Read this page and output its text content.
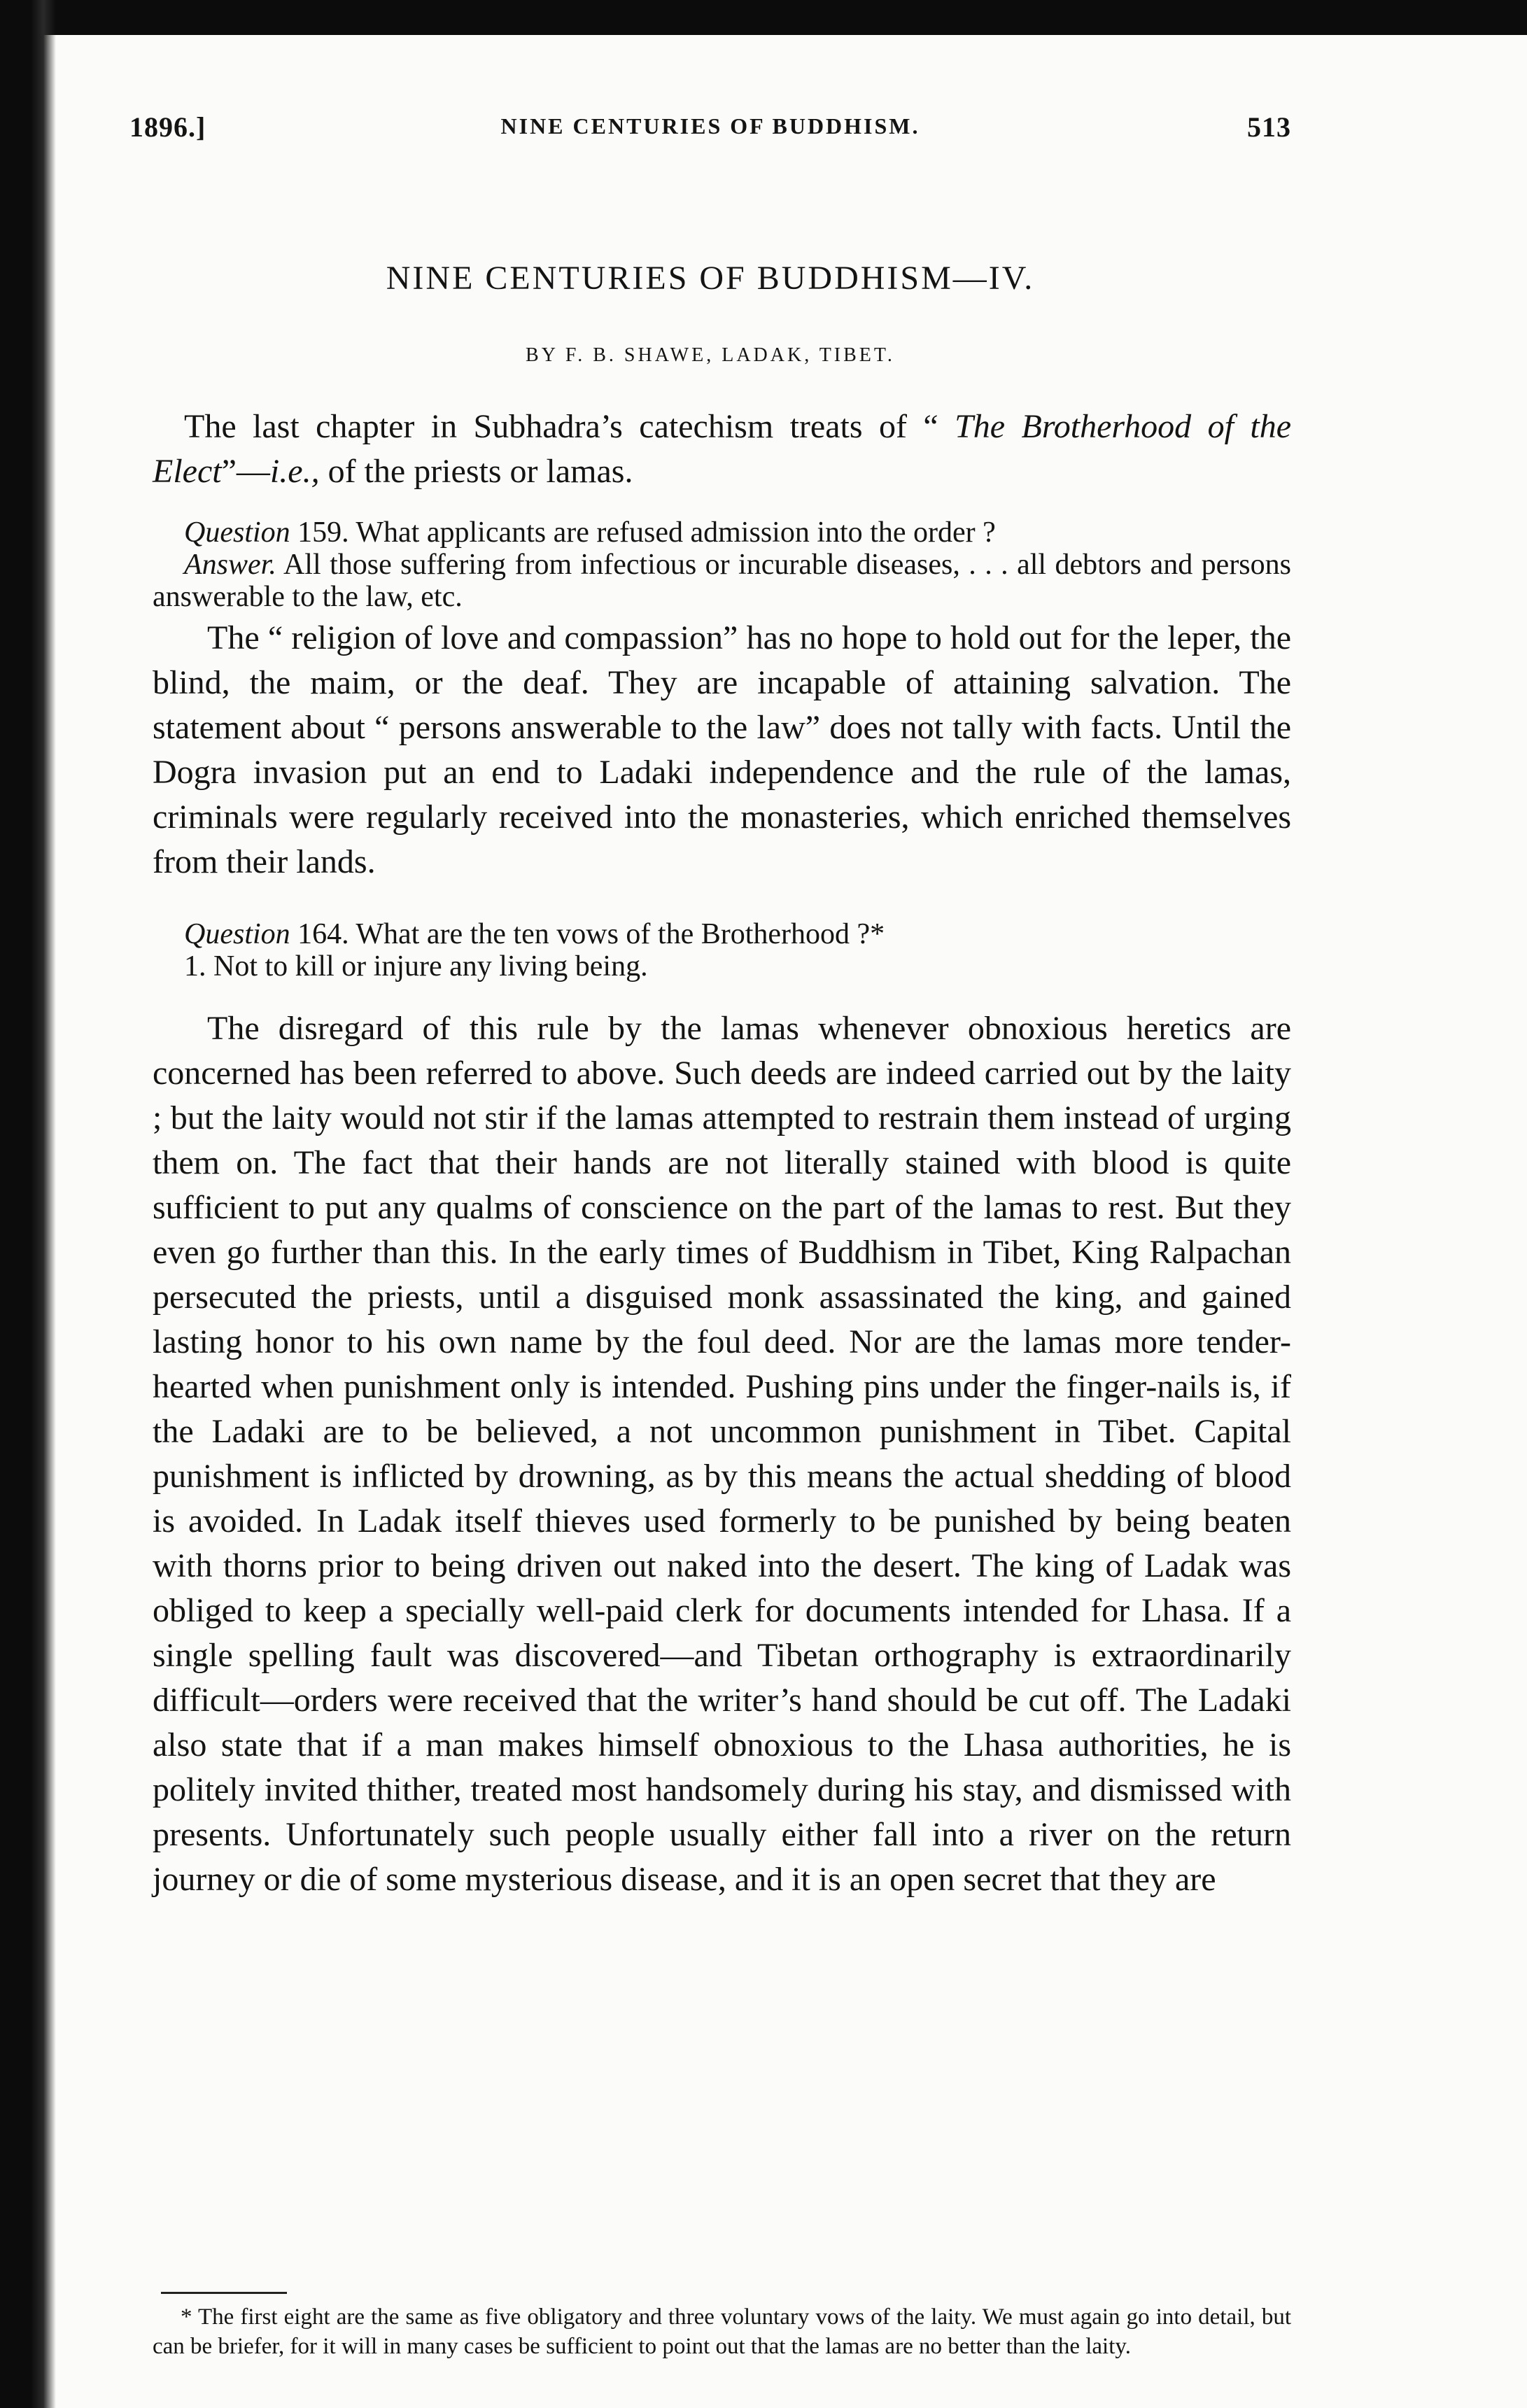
1896.]	NINE CENTURIES OF BUDDHISM.	513
NINE CENTURIES OF BUDDHISM—IV.
BY F. B. SHAWE, LADAK, TIBET.

The last chapter in Subhadra’s catechism treats of “ The Brotherhood of the Elect”—i.e., of the priests or lamas.

Question 159. What applicants are refused admission into the order ?
Answer. All those suffering from infectious or incurable diseases, . . . all debtors and persons answerable to the law, etc.

The “ religion of love and compassion” has no hope to hold out for the leper, the blind, the maim, or the deaf. They are incapable of attaining salvation. The statement about “ persons answerable to the law” does not tally with facts. Until the Dogra invasion put an end to Ladaki independence and the rule of the lamas, criminals were regularly received into the monasteries, which enriched themselves from their lands.

Question 164. What are the ten vows of the Brotherhood ?*
1. Not to kill or injure any living being.

The disregard of this rule by the lamas whenever obnoxious heretics are concerned has been referred to above. Such deeds are indeed carried out by the laity ; but the laity would not stir if the lamas attempted to restrain them instead of urging them on. The fact that their hands are not literally stained with blood is quite sufficient to put any qualms of conscience on the part of the lamas to rest. But they even go further than this. In the early times of Buddhism in Tibet, King Ralpachan persecuted the priests, until a disguised monk assassinated the king, and gained lasting honor to his own name by the foul deed. Nor are the lamas more tender-hearted when punishment only is intended. Pushing pins under the finger-nails is, if the Ladaki are to be believed, a not uncommon punishment in Tibet. Capital punishment is inflicted by drowning, as by this means the actual shedding of blood is avoided. In Ladak itself thieves used formerly to be punished by being beaten with thorns prior to being driven out naked into the desert. The king of Ladak was obliged to keep a specially well-paid clerk for documents intended for Lhasa. If a single spelling fault was discovered—and Tibetan orthography is extraordinarily difficult—orders were received that the writer’s hand should be cut off. The Ladaki also state that if a man makes himself obnoxious to the Lhasa authorities, he is politely invited thither, treated most handsomely during his stay, and dismissed with presents. Unfortunately such people usually either fall into a river on the return journey or die of some mysterious disease, and it is an open secret that they are

* The first eight are the same as five obligatory and three voluntary vows of the laity. We must again go into detail, but can be briefer, for it will in many cases be sufficient to point out that the lamas are no better than the laity.
